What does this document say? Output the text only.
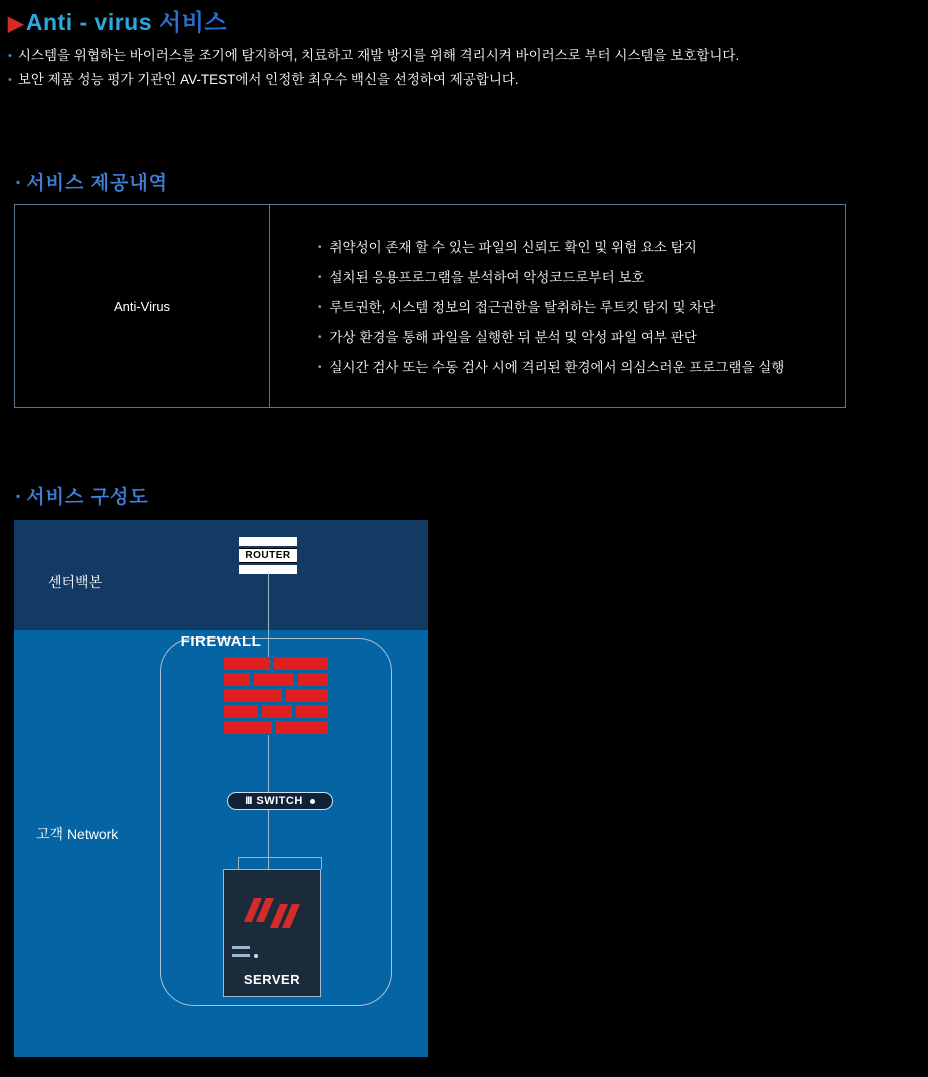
▶Anti - virus 서비스
• 시스템을 위협하는 바이러스를 조기에 탐지하여, 치료하고 재발 방지를 위해 격리시켜 바이러스로 부터 시스템을 보호합니다.
• 보안 제품 성능 평가 기관인 AV-TEST에서 인정한 최우수 백신을 선정하여 제공합니다.
▪ 서비스 제공내역
Anti-Virus
• 취약성이 존재 할 수 있는 파일의 신뢰도 확인 및 위험 요소 탐지
• 설치된 응용프로그램을 분석하여 악성코드로부터 보호
• 루트권한, 시스템 정보의 접근권한을 탈취하는 루트킷 탐지 및 차단
• 가상 환경을 통해 파일을 실행한 뒤 분석 및 악성 파일 여부 판단
• 실시간 검사 또는 수동 검사 시에 격리된 환경에서 의심스러운 프로그램을 실행
▪ 서비스 구성도
센터백본
고객 Network
ROUTER
FIREWALL
III SWITCH
SERVER
